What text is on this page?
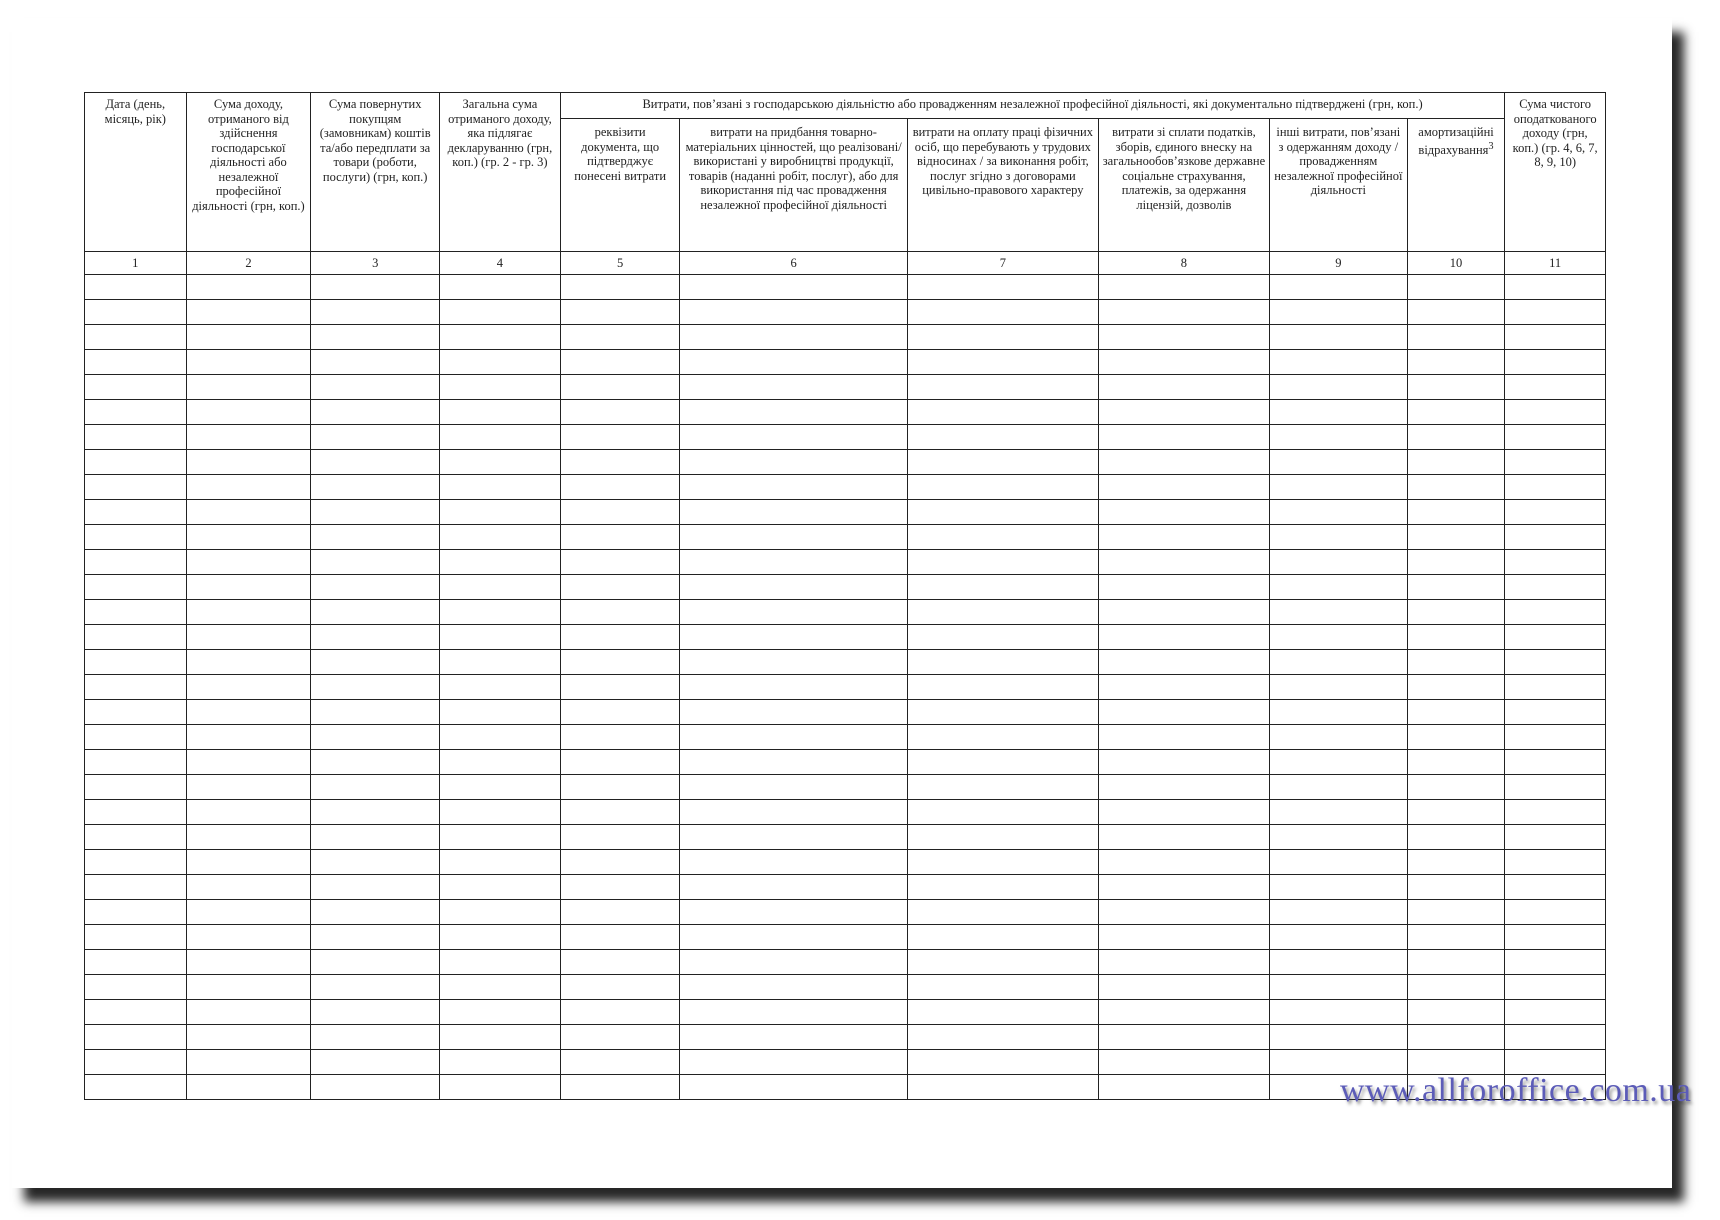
Дата (день, місяць, рік)	Сума доходу, отриманого від здійснення господарської діяльності або незалежної професійної діяльності (грн, коп.)	Сума повернутих покупцям (замовникам) коштів та/або передплати за товари (роботи, послуги) (грн, коп.)	Загальна сума отриманого доходу, яка підлягає декларуванню (грн, коп.) (гр. 2 - гр. 3)	Витрати, пов’язані з господарською діяльністю або провадженням незалежної професійної діяльності, які документально підтверджені (грн, коп.)						Сума чистого оподаткованого доходу (грн, коп.) (гр. 4, 6, 7, 8, 9, 10)
				реквізити документа, що підтверджує понесені витрати	витрати на придбання товарно-матеріальних цінностей, що реалізовані/ використані у виробництві продукції, товарів (наданні робіт, послуг), або для використання під час провадження незалежної професійної діяльності	витрати на оплату праці фізичних осіб, що перебувають у трудових відносинах / за виконання робіт, послуг згідно з договорами цивільно-правового характеру	витрати зі сплати податків, зборів, єдиного внеску на загальнообов’язкове державне соціальне страхування, платежів, за одержання ліцензій, дозволів	інші витрати, пов’язані з одержанням доходу / провадженням незалежної професійної діяльності	амортизаційні відрахування$^3$
1	2	3	4	5	6	7	8	9	10	11

www.allforoffice.com.ua
